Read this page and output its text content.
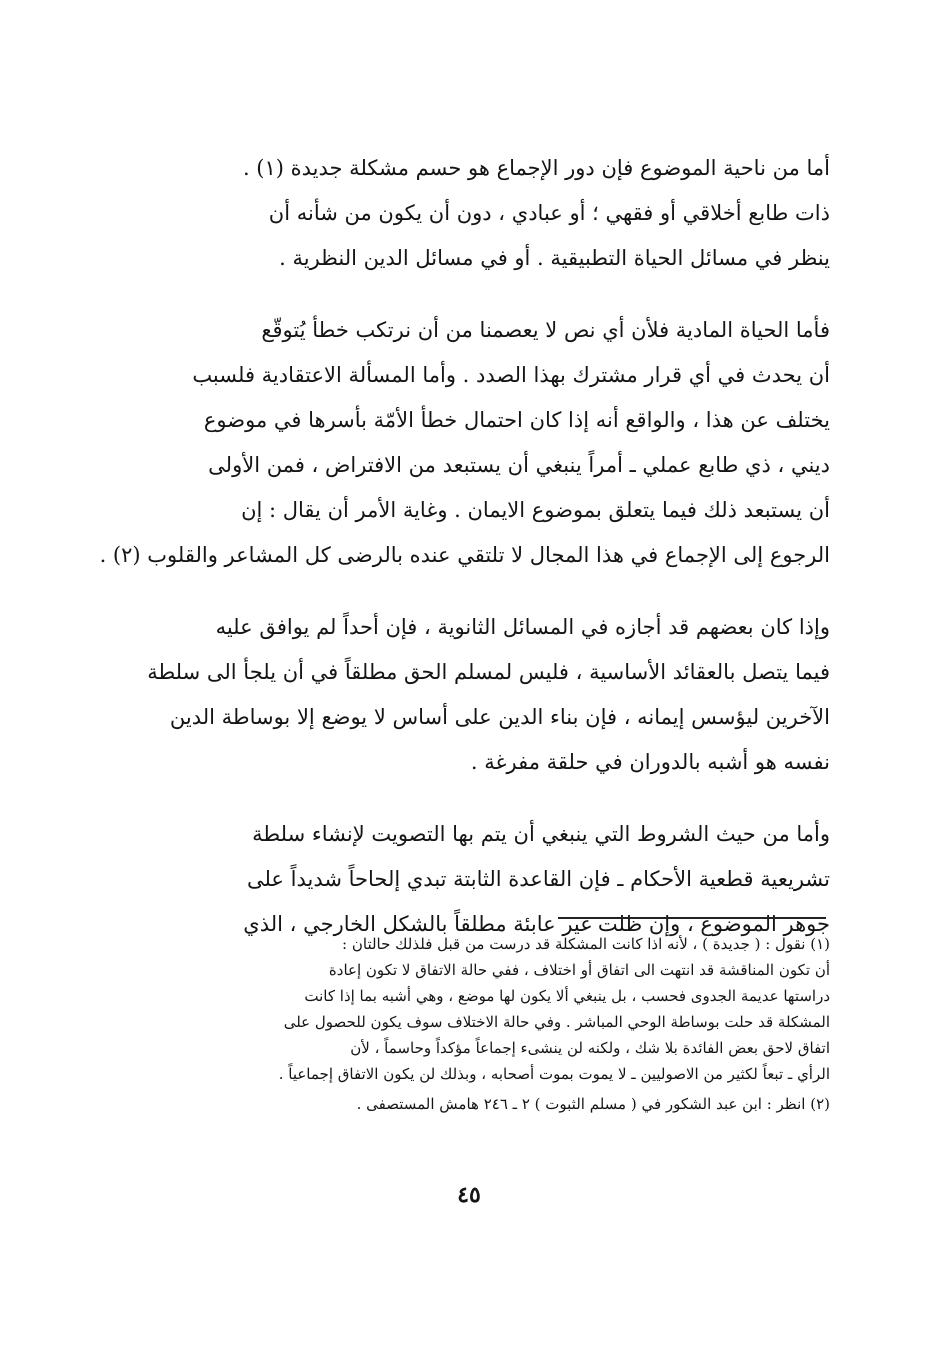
أما من ناحية الموضوع فإن دور الإجماع هو حسم مشكلة جديدة (١) .
ذات طابع أخلاقي أو فقهي ؛ أو عبادي ، دون أن يكون من شأنه أن
ينظر في مسائل الحياة التطبيقية . أو في مسائل الدين النظرية .
فأما الحياة المادية فلأن أي نص لا يعصمنا من أن نرتكب خطأ يُتوقّع
أن يحدث في أي قرار مشترك بهذا الصدد . وأما المسألة الاعتقادية فلسبب
يختلف عن هذا ، والواقع أنه إذا كان احتمال خطأ الأمّة بأسرها في موضوع
ديني ، ذي طابع عملي ـ أمراً ينبغي أن يستبعد من الافتراض ، فمن الأولى
أن يستبعد ذلك فيما يتعلق بموضوع الايمان . وغاية الأمر أن يقال : إن
الرجوع إلى الإجماع في هذا المجال لا تلتقي عنده بالرضى كل المشاعر والقلوب (٢) .
وإذا كان بعضهم قد أجازه في المسائل الثانوية ، فإن أحداً لم يوافق عليه
فيما يتصل بالعقائد الأساسية ، فليس لمسلم الحق مطلقاً في أن يلجأ الى سلطة
الآخرين ليؤسس إيمانه ، فإن بناء الدين على أساس لا يوضع إلا بوساطة الدين
نفسه هو أشبه بالدوران في حلقة مفرغة .
وأما من حيث الشروط التي ينبغي أن يتم بها التصويت لإنشاء سلطة
تشريعية قطعية الأحكام ـ فإن القاعدة الثابتة تبدي إلحاحاً شديداً على
جوهر الموضوع ، وإن ظلت غير عابئة مطلقاً بالشكل الخارجي ، الذي
(١) نقول : ( جديدة ) ، لأنه اذا كانت المشكلة قد درست من قبل فلذلك حالتان :
أن تكون المناقشة قد انتهت الى اتفاق أو اختلاف ، ففي حالة الاتفاق لا تكون إعادة
دراستها عديمة الجدوى فحسب ، بل ينبغي ألا يكون لها موضع ، وهي أشبه بما إذا كانت
المشكلة قد حلت بوساطة الوحي المباشر . وفي حالة الاختلاف سوف يكون للحصول على
اتفاق لاحق بعض الفائدة بلا شك ، ولكنه لن ينشىء إجماعاً مؤكداً وحاسماً ، لأن
الرأي ـ تبعاً لكثير من الاصوليين ـ لا يموت بموت أصحابه ، وبذلك لن يكون الاتفاق إجماعياً .
(٢) انظر : ابن عبد الشكور في ( مسلم الثبوت ) ٢ ـ ٢٤٦ هامش المستصفى .
٤٥
